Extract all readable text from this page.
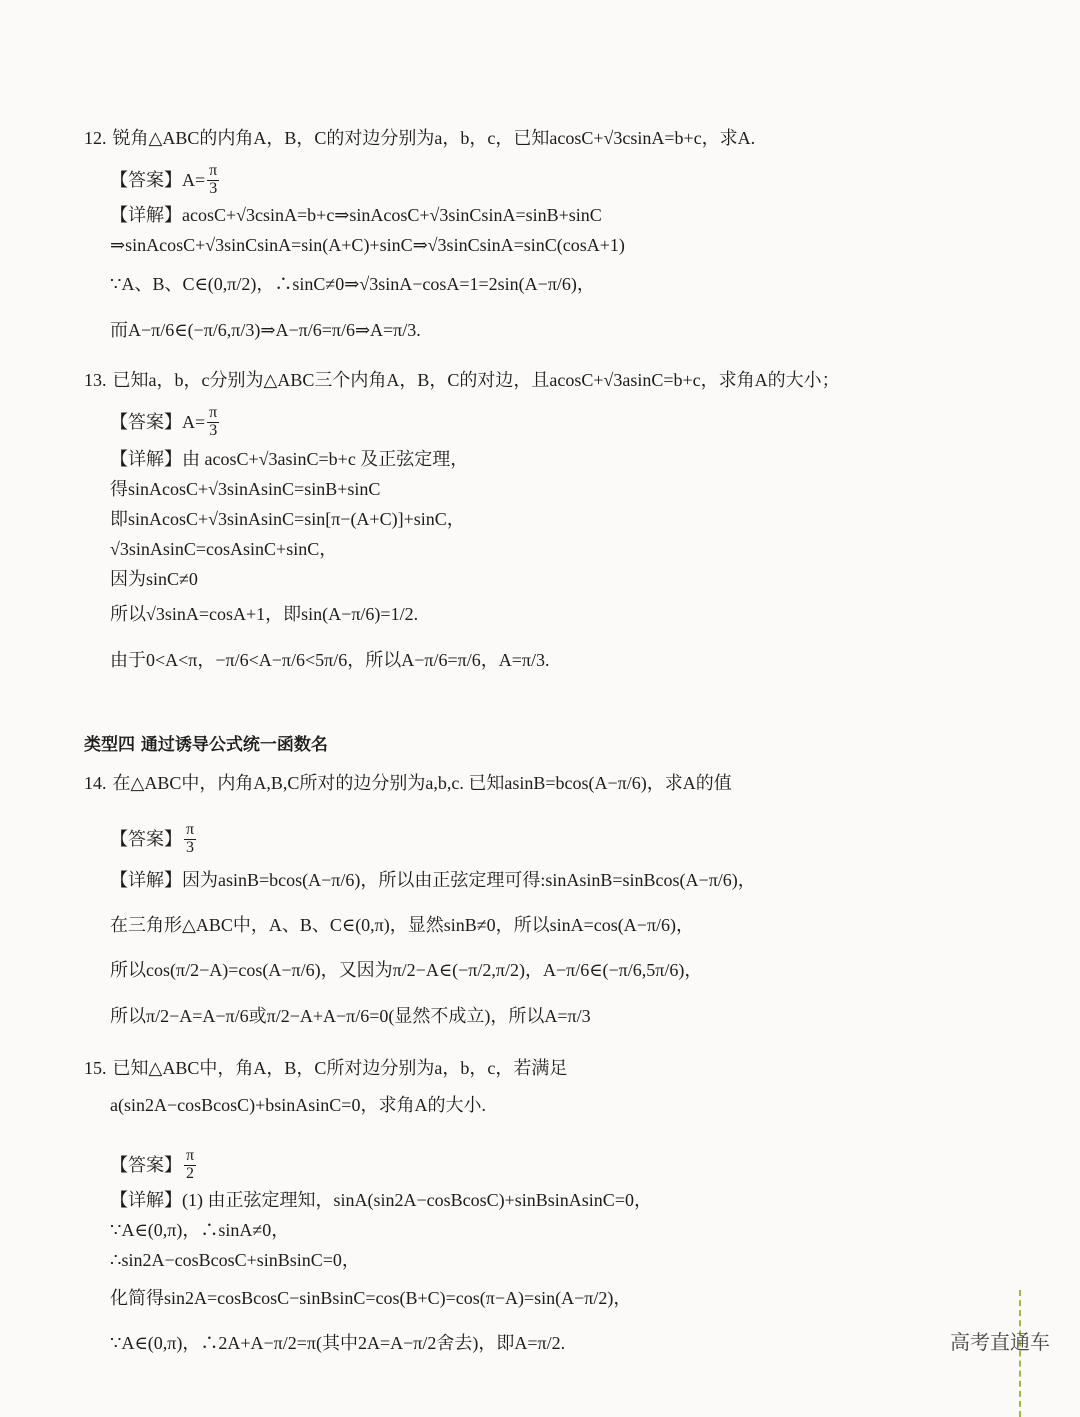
12. 锐角△ABC的内角A，B，C的对边分别为a，b，c，已知acosC+√3csinA=b+c，求A.
【答案】 $A= \frac{\pi}{3}$
【详解】 acosC+√3csinA=b+c⇒sinAcosC+√3sinCsinA=sinB+sinC
⇒sinAcosC+√3sinCsinA=sin(A+C)+sinC⇒√3sinCsinA=sinC(cosA+1)
∵A、B、C∈(0,π/2)，∴sinC≠0⇒√3sinA−cosA=1=2sin(A−π/6)，
而A−π/6∈(−π/6,π/3)⇒A−π/6=π/6⇒A=π/3.
13. 已知a，b，c分别为△ABC三个内角A，B，C的对边，且acosC+√3asinC=b+c，求角A的大小；
【答案】 $A= \frac{\pi}{3}$
【详解】 由 acosC+√3asinC=b+c 及正弦定理，
得sinAcosC+√3sinAsinC=sinB+sinC
即sinAcosC+√3sinAsinC=sin[π−(A+C)]+sinC，
√3sinAsinC=cosAsinC+sinC，
因为sinC≠0
所以√3sinA=cosA+1，即sin(A−π/6)=1/2.
由于0<A<π，−π/6<A−π/6<5π/6，所以A−π/6=π/6，A=π/3.
类型四 通过诱导公式统一函数名
14. 在△ABC中，内角A,B,C所对的边分别为a,b,c. 已知asinB=bcos(A−π/6)，求A的值
【答案】 π
3
【详解】 因为asinB=bcos(A−π/6)，所以由正弦定理可得:sinAsinB=sinBcos(A−π/6)，
在三角形△ABC中，A、B、C∈(0,π)，显然sinB≠0，所以sinA=cos(A−π/6)，
所以cos(π/2−A)=cos(A−π/6)，又因为π/2−A∈(−π/2,π/2)，A−π/6∈(−π/6,5π/6)，
所以π/2−A=A−π/6或π/2−A+A−π/6=0(显然不成立)，所以A=π/3
15. 已知△ABC中，角A，B，C所对边分别为a，b，c，若满足
a(sin2A−cosBcosC)+bsinAsinC=0，求角A的大小.
【答案】 π
2
【详解】 (1) 由正弦定理知，sinA(sin2A−cosBcosC)+sinBsinAsinC=0，
∵A∈(0,π)，∴sinA≠0，
∴sin2A−cosBcosC+sinBsinC=0，
化简得sin2A=cosBcosC−sinBsinC=cos(B+C)=cos(π−A)=sin(A−π/2)，
∵A∈(0,π)，∴2A+A−π/2=π(其中2A=A−π/2舍去)，即A=π/2.	高考直通车
